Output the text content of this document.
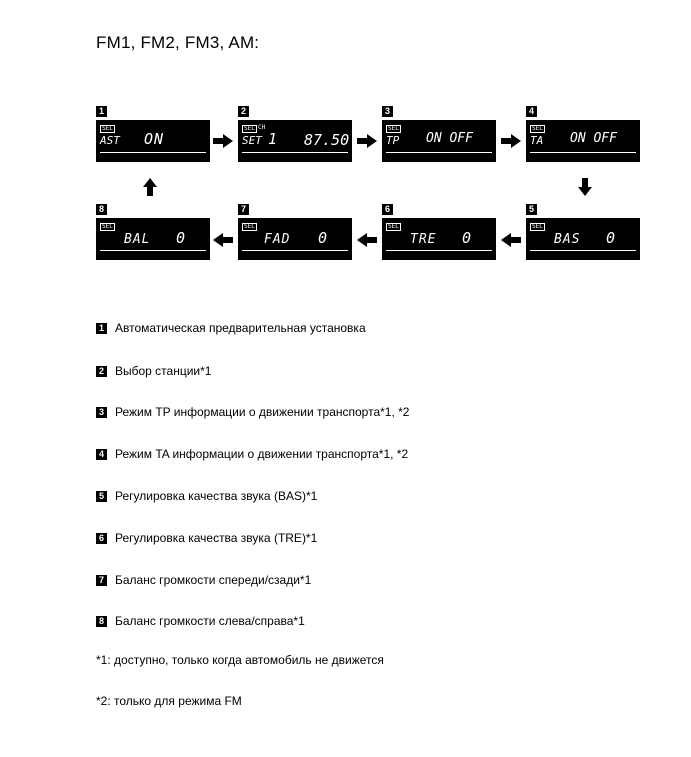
FM1, FM2, FM3, AM:
1
SEL
AST ON
2
SEL CH
SET 1 87.50
3
SEL
TP ON OFF
4
SEL
TA ON OFF
8
SEL
BAL 0
7
SEL
FAD 0
6
SEL
TRE 0
5
SEL
BAS 0
1 Автоматическая предварительная установка
2 Выбор станции*1
3 Режим TP информации о движении транспорта*1, *2
4 Режим TA информации о движении транспорта*1, *2
5 Регулировка качества звука (BAS)*1
6 Регулировка качества звука (TRE)*1
7 Баланс громкости спереди/сзади*1
8 Баланс громкости слева/справа*1
*1: доступно, только когда автомобиль не движется
*2: только для режима FM
